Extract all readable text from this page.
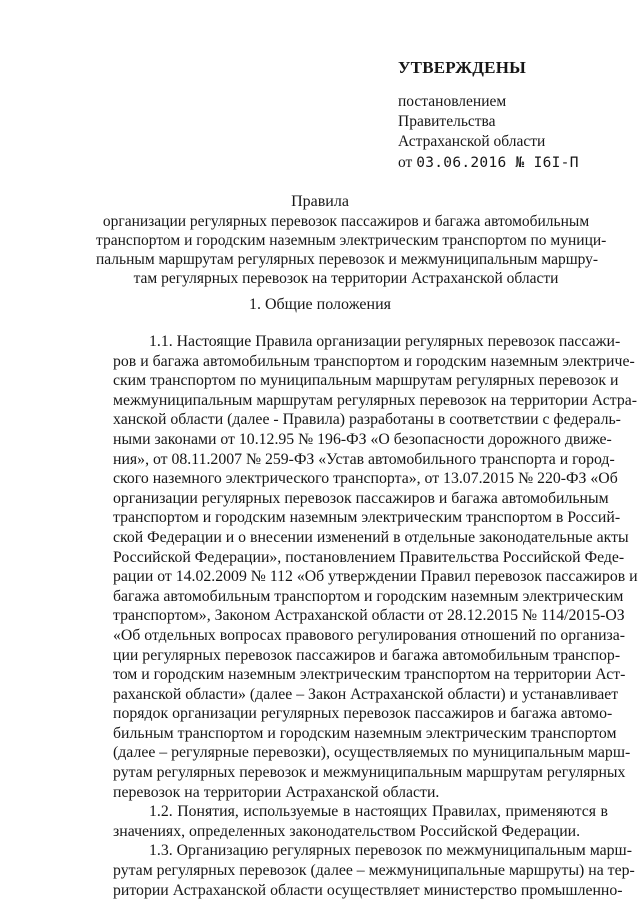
УТВЕРЖДЕНЫ
постановлением
Правительства
Астраханской области
от 03.06.2016 № I6I-П
Правила
организации регулярных перевозок пассажиров и багажа автомобильным
транспортом и городским наземным электрическим транспортом по муници-
пальным маршрутам регулярных перевозок и межмуниципальным маршру-
там регулярных перевозок на территории Астраханской области
1. Общие положения
1.1. Настоящие Правила организации регулярных перевозок пассажи-
ров и багажа автомобильным транспортом и городским наземным электриче-
ским транспортом по муниципальным маршрутам регулярных перевозок и
межмуниципальным маршрутам регулярных перевозок на территории Астра-
ханской области (далее - Правила) разработаны в соответствии с федераль-
ными законами от 10.12.95 № 196-ФЗ «О безопасности дорожного движе-
ния», от 08.11.2007 № 259-ФЗ «Устав автомобильного транспорта и город-
ского наземного электрического транспорта», от 13.07.2015 № 220-ФЗ «Об
организации регулярных перевозок пассажиров и багажа автомобильным
транспортом и городским наземным электрическим транспортом в Россий-
ской Федерации и о внесении изменений в отдельные законодательные акты
Российской Федерации», постановлением Правительства Российской Феде-
рации от 14.02.2009 № 112 «Об утверждении Правил перевозок пассажиров и
багажа автомобильным транспортом и городским наземным электрическим
транспортом», Законом Астраханской области от 28.12.2015 № 114/2015-ОЗ
«Об отдельных вопросах правового регулирования отношений по организа-
ции регулярных перевозок пассажиров и багажа автомобильным транспор-
том и городским наземным электрическим транспортом на территории Аст-
раханской области» (далее – Закон Астраханской области) и устанавливает
порядок организации регулярных перевозок пассажиров и багажа автомо-
бильным транспортом и городским наземным электрическим транспортом
(далее – регулярные перевозки), осуществляемых по муниципальным марш-
рутам регулярных перевозок и межмуниципальным маршрутам регулярных
перевозок на территории Астраханской области.
1.2. Понятия, используемые в настоящих Правилах, применяются в
значениях, определенных законодательством Российской Федерации.
1.3. Организацию регулярных перевозок по межмуниципальным марш-
рутам регулярных перевозок (далее – межмуниципальные маршруты) на тер-
ритории Астраханской области осуществляет министерство промышленно-
